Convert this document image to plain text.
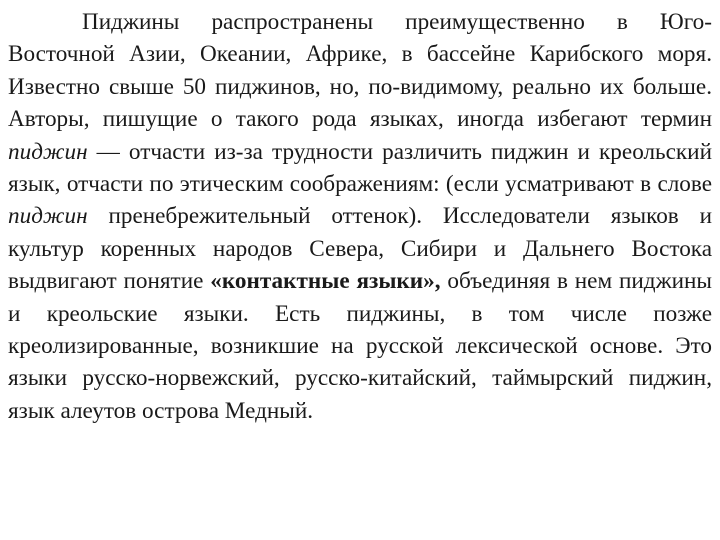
Пиджины распространены преимущественно в Юго-Восточной Азии, Океании, Африке, в бассейне Карибского моря. Известно свыше 50 пиджинов, но, по-видимому, реально их больше. Авторы, пишущие о такого рода языках, иногда избегают термин пиджин — отчасти из-за трудности различить пиджин и креольский язык, отчасти по этическим соображениям: (если усматривают в слове пиджин пренебрежительный оттенок). Исследователи языков и культур коренных народов Севера, Сибири и Дальнего Востока выдвигают понятие «контактные языки», объединяя в нем пиджины и креольские языки. Есть пиджины, в том числе позже креолизированные, возникшие на русской лексической основе. Это языки русско-норвежский, русско-китайский, таймырский пиджин, язык алеутов острова Медный.
